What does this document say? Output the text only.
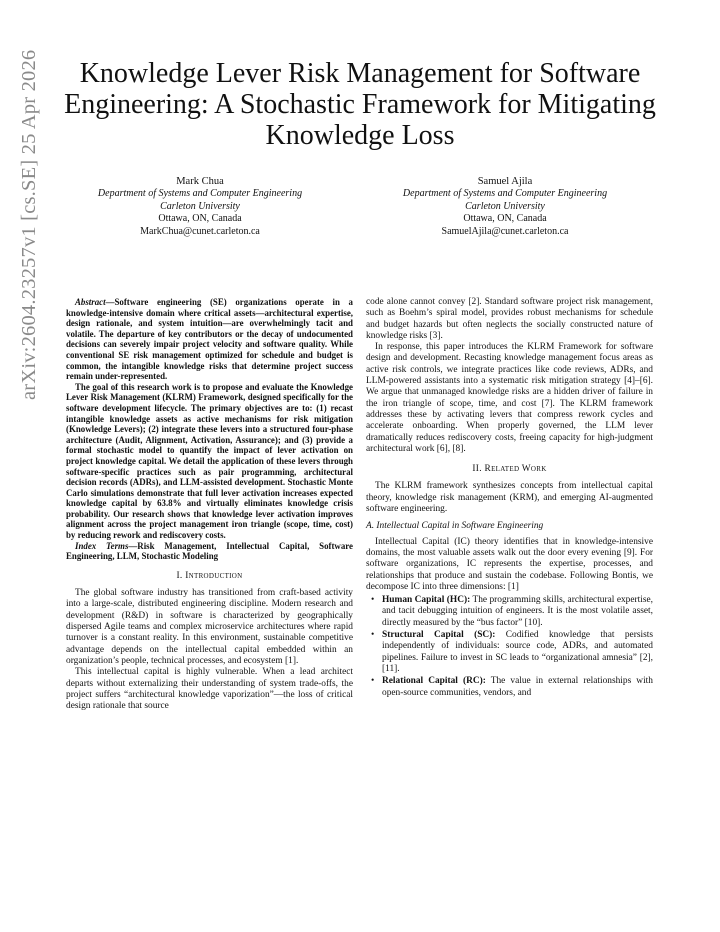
arXiv:2604.23257v1 [cs.SE] 25 Apr 2026	Knowledge Lever Risk Management for Software Engineering: A Stochastic Framework for Mitigating Knowledge Loss
Mark Chua
Department of Systems and Computer Engineering
Carleton University
Ottawa, ON, Canada
MarkChua@cunet.carleton.ca
Samuel Ajila
Department of Systems and Computer Engineering
Carleton University
Ottawa, ON, Canada
SamuelAjila@cunet.carleton.ca

Abstract—Software engineering (SE) organizations operate in a knowledge-intensive domain where critical assets—architectural expertise, design rationale, and system intuition—are overwhelmingly tacit and volatile. The departure of key contributors or the decay of undocumented decisions can severely impair project velocity and software quality. While conventional SE risk management optimized for schedule and budget is common, the intangible knowledge risks that determine project success remain under-represented.

The goal of this research work is to propose and evaluate the Knowledge Lever Risk Management (KLRM) Framework, designed specifically for the software development lifecycle. The primary objectives are to: (1) recast intangible knowledge assets as active mechanisms for risk mitigation (Knowledge Levers); (2) integrate these levers into a structured four-phase architecture (Audit, Alignment, Activation, Assurance); and (3) provide a formal stochastic model to quantify the impact of lever activation on project knowledge capital. We detail the application of these levers through software-specific practices such as pair programming, architectural decision records (ADRs), and LLM-assisted development. Stochastic Monte Carlo simulations demonstrate that full lever activation increases expected knowledge capital by 63.8% and virtually eliminates knowledge crisis probability. Our research shows that knowledge lever activation improves alignment across the project management iron triangle (scope, time, cost) by reducing rework and rediscovery costs.

Index Terms—Risk Management, Intellectual Capital, Software Engineering, LLM, Stochastic Modeling

I. Introduction

The global software industry has transitioned from craft-based activity into a large-scale, distributed engineering discipline. Modern research and development (R&D) in software is characterized by geographically dispersed Agile teams and complex microservice architectures where rapid turnover is a constant reality. In this environment, sustainable competitive advantage depends on the intellectual capital embedded within an organization’s people, technical processes, and ecosystem [1].

This intellectual capital is highly vulnerable. When a lead architect departs without externalizing their understanding of system trade-offs, the project suffers “architectural knowledge vaporization”—the loss of critical design rationale that source

code alone cannot convey [2]. Standard software project risk management, such as Boehm’s spiral model, provides robust mechanisms for schedule and budget hazards but often neglects the socially constructed nature of knowledge risks [3].

In response, this paper introduces the KLRM Framework for software design and development. Recasting knowledge management focus areas as active risk controls, we integrate practices like code reviews, ADRs, and LLM-powered assistants into a systematic risk mitigation strategy [4]–[6]. We argue that unmanaged knowledge risks are a hidden driver of failure in the iron triangle of scope, time, and cost [7]. The KLRM framework addresses these by activating levers that compress rework cycles and accelerate onboarding. When properly governed, the LLM lever dramatically reduces rediscovery costs, freeing capacity for high-judgment architectural work [6], [8].

II. Related Work

The KLRM framework synthesizes concepts from intellectual capital theory, knowledge risk management (KRM), and emerging AI-augmented software engineering.

A. Intellectual Capital in Software Engineering

Intellectual Capital (IC) theory identifies that in knowledge-intensive domains, the most valuable assets walk out the door every evening [9]. For software organizations, IC represents the expertise, processes, and relationships that produce and sustain the codebase. Following Bontis, we decompose IC into three dimensions: [1]

• Human Capital (HC): The programming skills, architectural expertise, and tacit debugging intuition of engineers. It is the most volatile asset, directly measured by the “bus factor” [10].
• Structural Capital (SC): Codified knowledge that persists independently of individuals: source code, ADRs, and automated pipelines. Failure to invest in SC leads to “organizational amnesia” [2], [11].
• Relational Capital (RC): The value in external relationships with open-source communities, vendors, and
